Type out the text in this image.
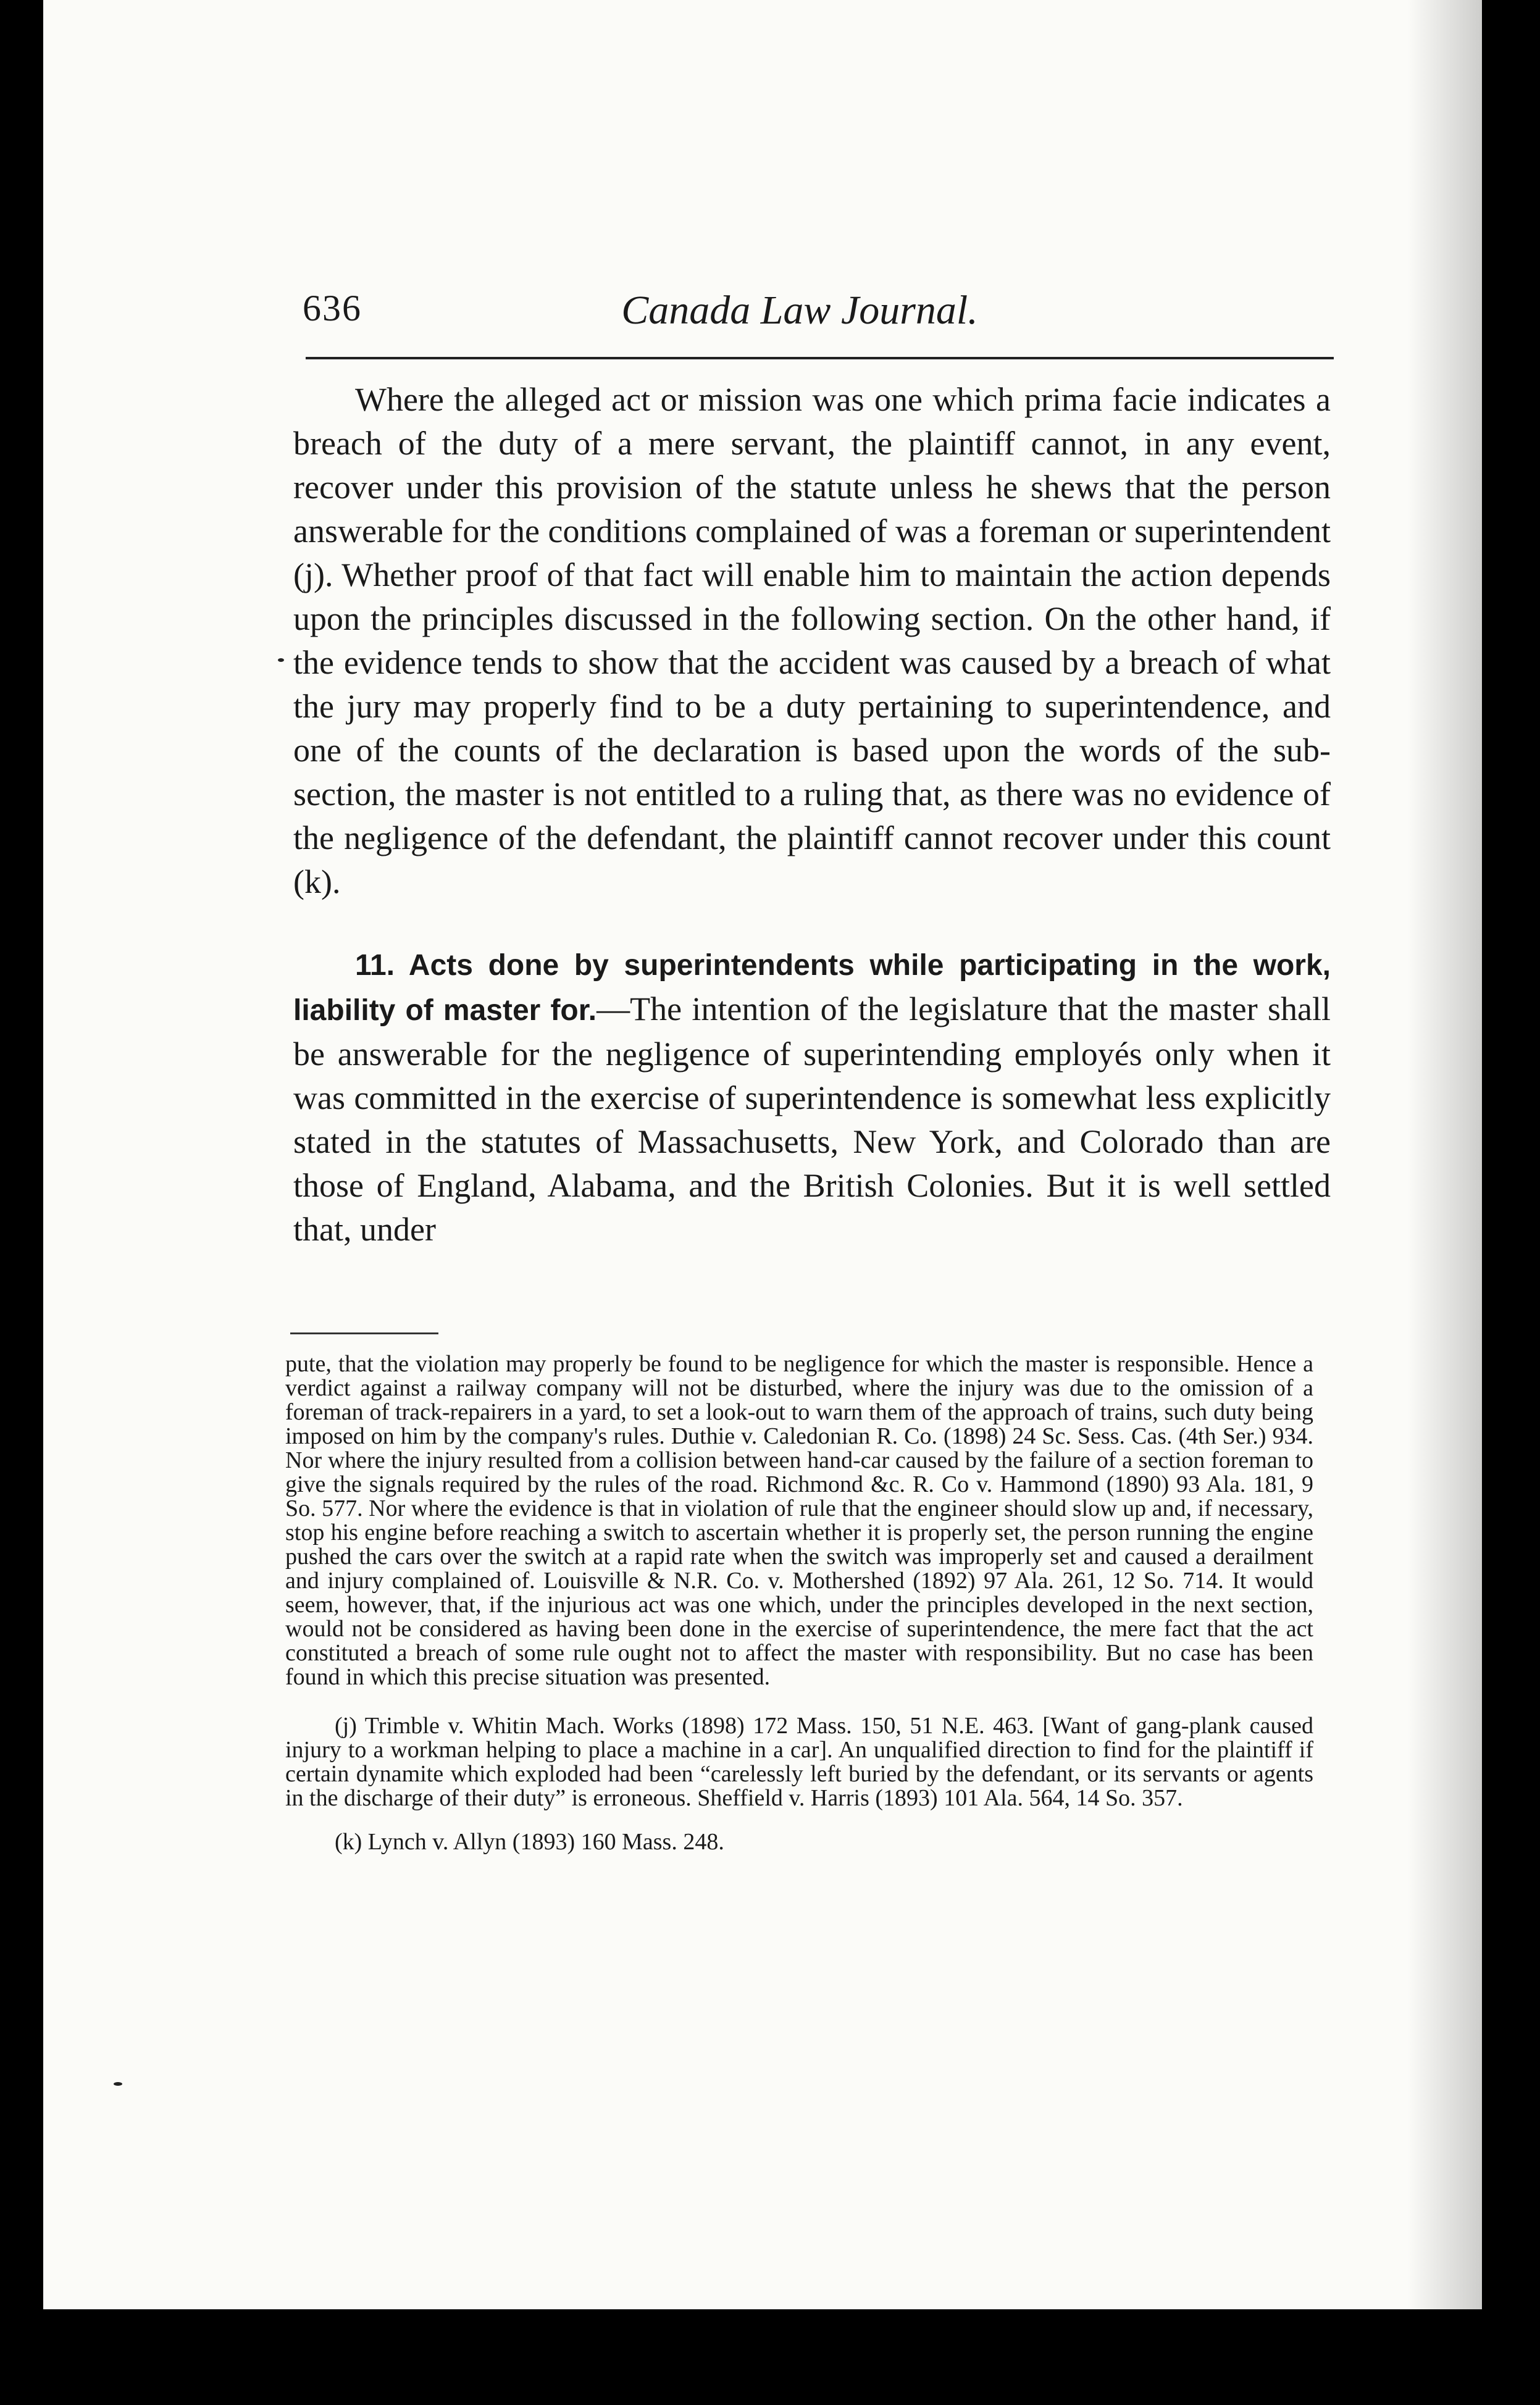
636	Canada Law Journal.

Where the alleged act or mission was one which prima facie indicates a breach of the duty of a mere servant, the plaintiff cannot, in any event, recover under this provision of the statute unless he shews that the person answerable for the conditions complained of was a foreman or superintendent (j). Whether proof of that fact will enable him to maintain the action depends upon the principles discussed in the following section. On the other hand, if the evidence tends to show that the accident was caused by a breach of what the jury may properly find to be a duty pertaining to superintendence, and one of the counts of the declaration is based upon the words of the sub-section, the master is not entitled to a ruling that, as there was no evidence of the negligence of the defendant, the plaintiff cannot recover under this count (k).

11. Acts done by superintendents while participating in the work, liability of master for.—The intention of the legislature that the master shall be answerable for the negligence of superintending employés only when it was committed in the exercise of superintendence is somewhat less explicitly stated in the statutes of Massachusetts, New York, and Colorado than are those of England, Alabama, and the British Colonies. But it is well settled that, under

pute, that the violation may properly be found to be negligence for which the master is responsible. Hence a verdict against a railway company will not be disturbed, where the injury was due to the omission of a foreman of track-repairers in a yard, to set a look-out to warn them of the approach of trains, such duty being imposed on him by the company's rules. Duthie v. Caledonian R. Co. (1898) 24 Sc. Sess. Cas. (4th Ser.) 934. Nor where the injury resulted from a collision between hand-car caused by the failure of a section foreman to give the signals required by the rules of the road. Richmond &c. R. Co v. Hammond (1890) 93 Ala. 181, 9 So. 577. Nor where the evidence is that in violation of rule that the engineer should slow up and, if necessary, stop his engine before reaching a switch to ascertain whether it is properly set, the person running the engine pushed the cars over the switch at a rapid rate when the switch was improperly set and caused a derailment and injury complained of. Louisville & N.R. Co. v. Mothershed (1892) 97 Ala. 261, 12 So. 714. It would seem, however, that, if the injurious act was one which, under the principles developed in the next section, would not be considered as having been done in the exercise of superintendence, the mere fact that the act constituted a breach of some rule ought not to affect the master with responsibility. But no case has been found in which this precise situation was presented.

(j) Trimble v. Whitin Mach. Works (1898) 172 Mass. 150, 51 N.E. 463. [Want of gang-plank caused injury to a workman helping to place a machine in a car]. An unqualified direction to find for the plaintiff if certain dynamite which exploded had been “carelessly left buried by the defendant, or its servants or agents in the discharge of their duty” is erroneous. Sheffield v. Harris (1893) 101 Ala. 564, 14 So. 357.

(k) Lynch v. Allyn (1893) 160 Mass. 248.
